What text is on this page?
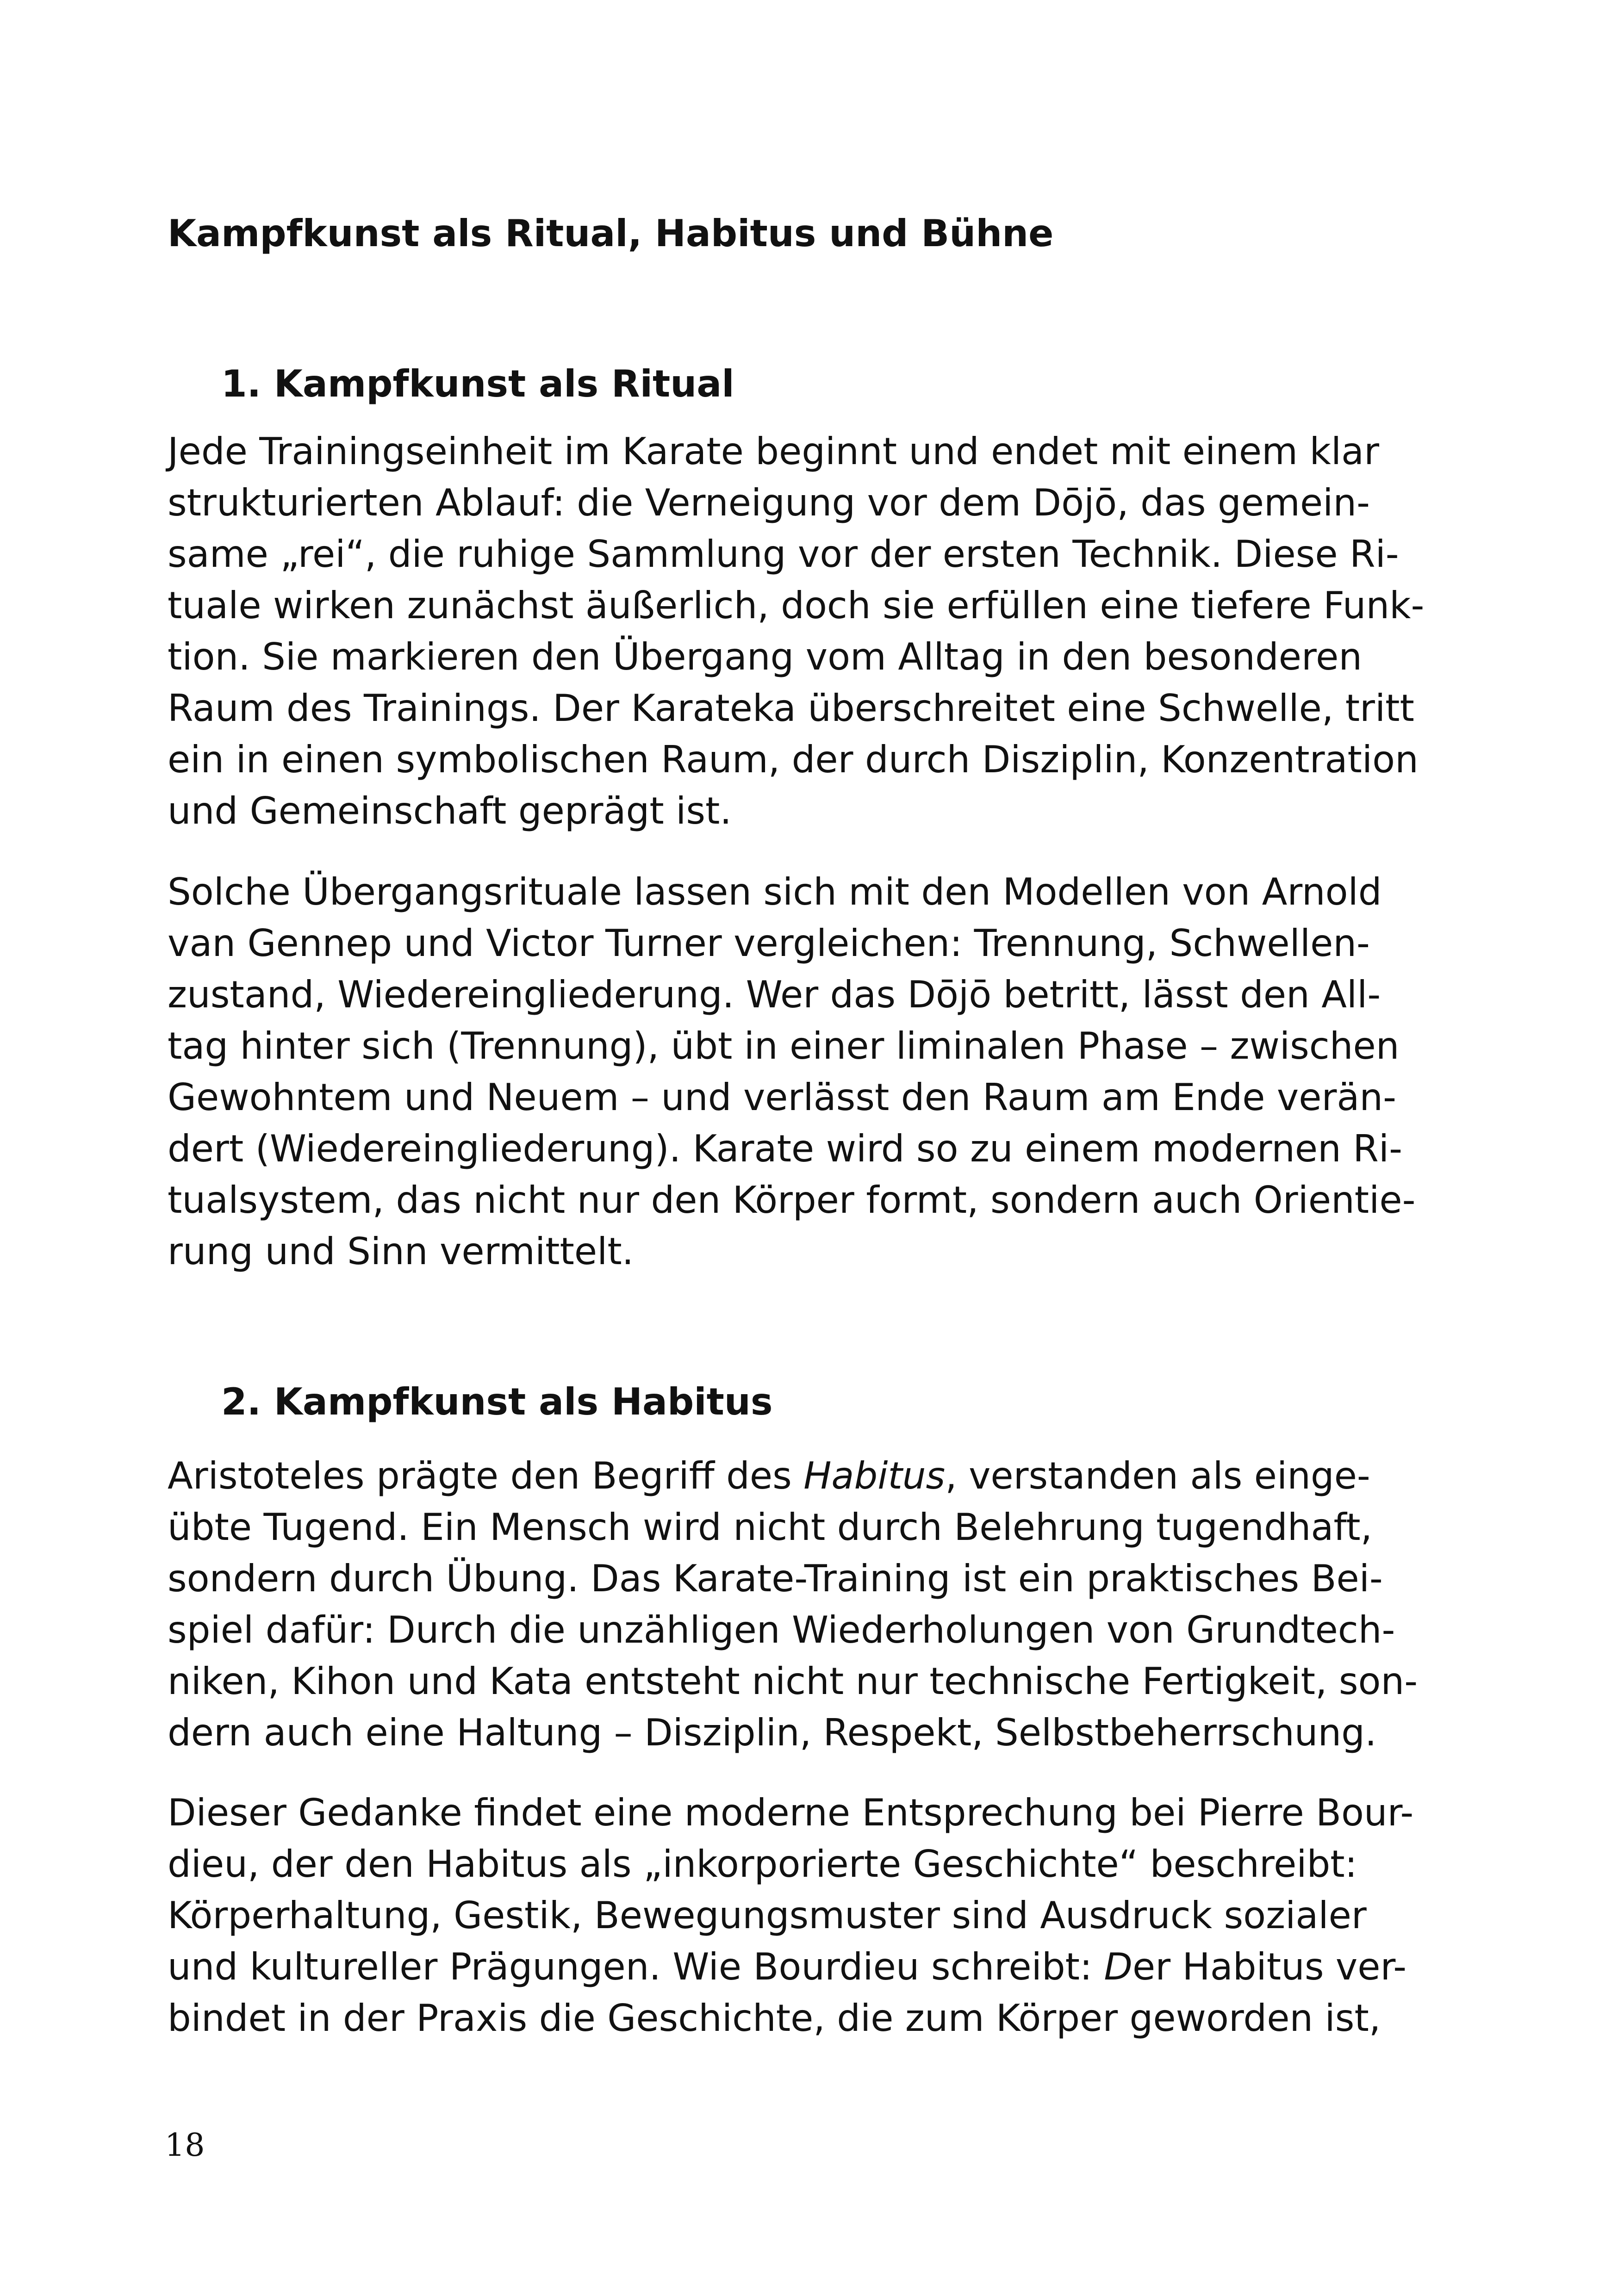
Kampfkunst als Ritual, Habitus und Bühne
1. Kampfkunst als Ritual
Jede Trainingseinheit im Karate beginnt und endet mit einem klar
strukturierten Ablauf: die Verneigung vor dem Dōjō, das gemein-
same „rei“, die ruhige Sammlung vor der ersten Technik. Diese Ri-
tuale wirken zunächst äußerlich, doch sie erfüllen eine tiefere Funk-
tion. Sie markieren den Übergang vom Alltag in den besonderen
Raum des Trainings. Der Karateka überschreitet eine Schwelle, tritt
ein in einen symbolischen Raum, der durch Disziplin, Konzentration
und Gemeinschaft geprägt ist.
Solche Übergangsrituale lassen sich mit den Modellen von Arnold
van Gennep und Victor Turner vergleichen: Trennung, Schwellen-
zustand, Wiedereingliederung. Wer das Dōjō betritt, lässt den All-
tag hinter sich (Trennung), übt in einer liminalen Phase – zwischen
Gewohntem und Neuem – und verlässt den Raum am Ende verän-
dert (Wiedereingliederung). Karate wird so zu einem modernen Ri-
tualsystem, das nicht nur den Körper formt, sondern auch Orientie-
rung und Sinn vermittelt.
2. Kampfkunst als Habitus
Aristoteles prägte den Begriff des Habitus, verstanden als einge-
übte Tugend. Ein Mensch wird nicht durch Belehrung tugendhaft,
sondern durch Übung. Das Karate-Training ist ein praktisches Bei-
spiel dafür: Durch die unzähligen Wiederholungen von Grundtech-
niken, Kihon und Kata entsteht nicht nur technische Fertigkeit, son-
dern auch eine Haltung – Disziplin, Respekt, Selbstbeherrschung.
Dieser Gedanke findet eine moderne Entsprechung bei Pierre Bour-
dieu, der den Habitus als „inkorporierte Geschichte“ beschreibt:
Körperhaltung, Gestik, Bewegungsmuster sind Ausdruck sozialer
und kultureller Prägungen. Wie Bourdieu schreibt: Der Habitus ver-
bindet in der Praxis die Geschichte, die zum Körper geworden ist,
18
